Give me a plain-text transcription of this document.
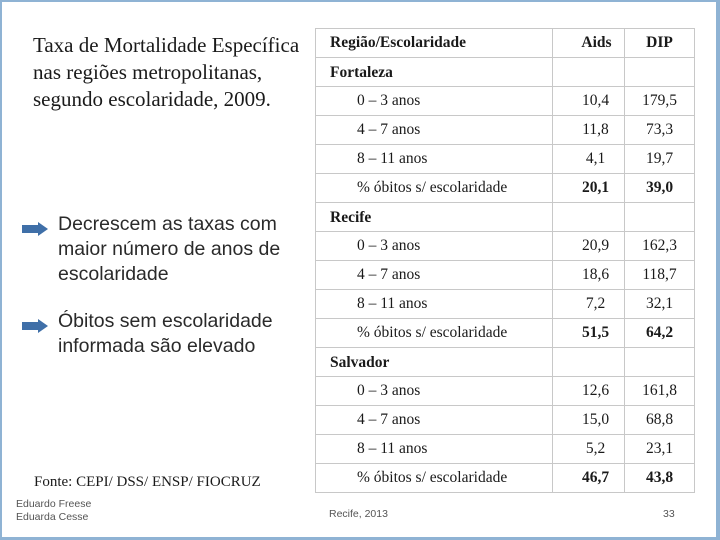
Taxa de Mortalidade Específica nas regiões metropolitanas, segundo escolaridade, 2009.
Decrescem as taxas com maior número de anos de escolaridade
Óbitos sem escolaridade informada são elevado
Região/Escolaridade	Aids	DIP
Fortaleza		
0 – 3 anos	10,4	179,5
4 – 7 anos	11,8	73,3
8 – 11 anos	4,1	19,7
% óbitos s/ escolaridade	20,1	39,0
Recife		
0 – 3 anos	20,9	162,3
4 – 7 anos	18,6	118,7
8 – 11 anos	7,2	32,1
% óbitos s/ escolaridade	51,5	64,2
Salvador		
0 – 3 anos	12,6	161,8
4 – 7 anos	15,0	68,8
8 – 11 anos	5,2	23,1
% óbitos s/ escolaridade	46,7	43,8
Fonte: CEPI/ DSS/ ENSP/ FIOCRUZ
Eduardo Freese
Eduarda Cesse	Recife, 2013	33
